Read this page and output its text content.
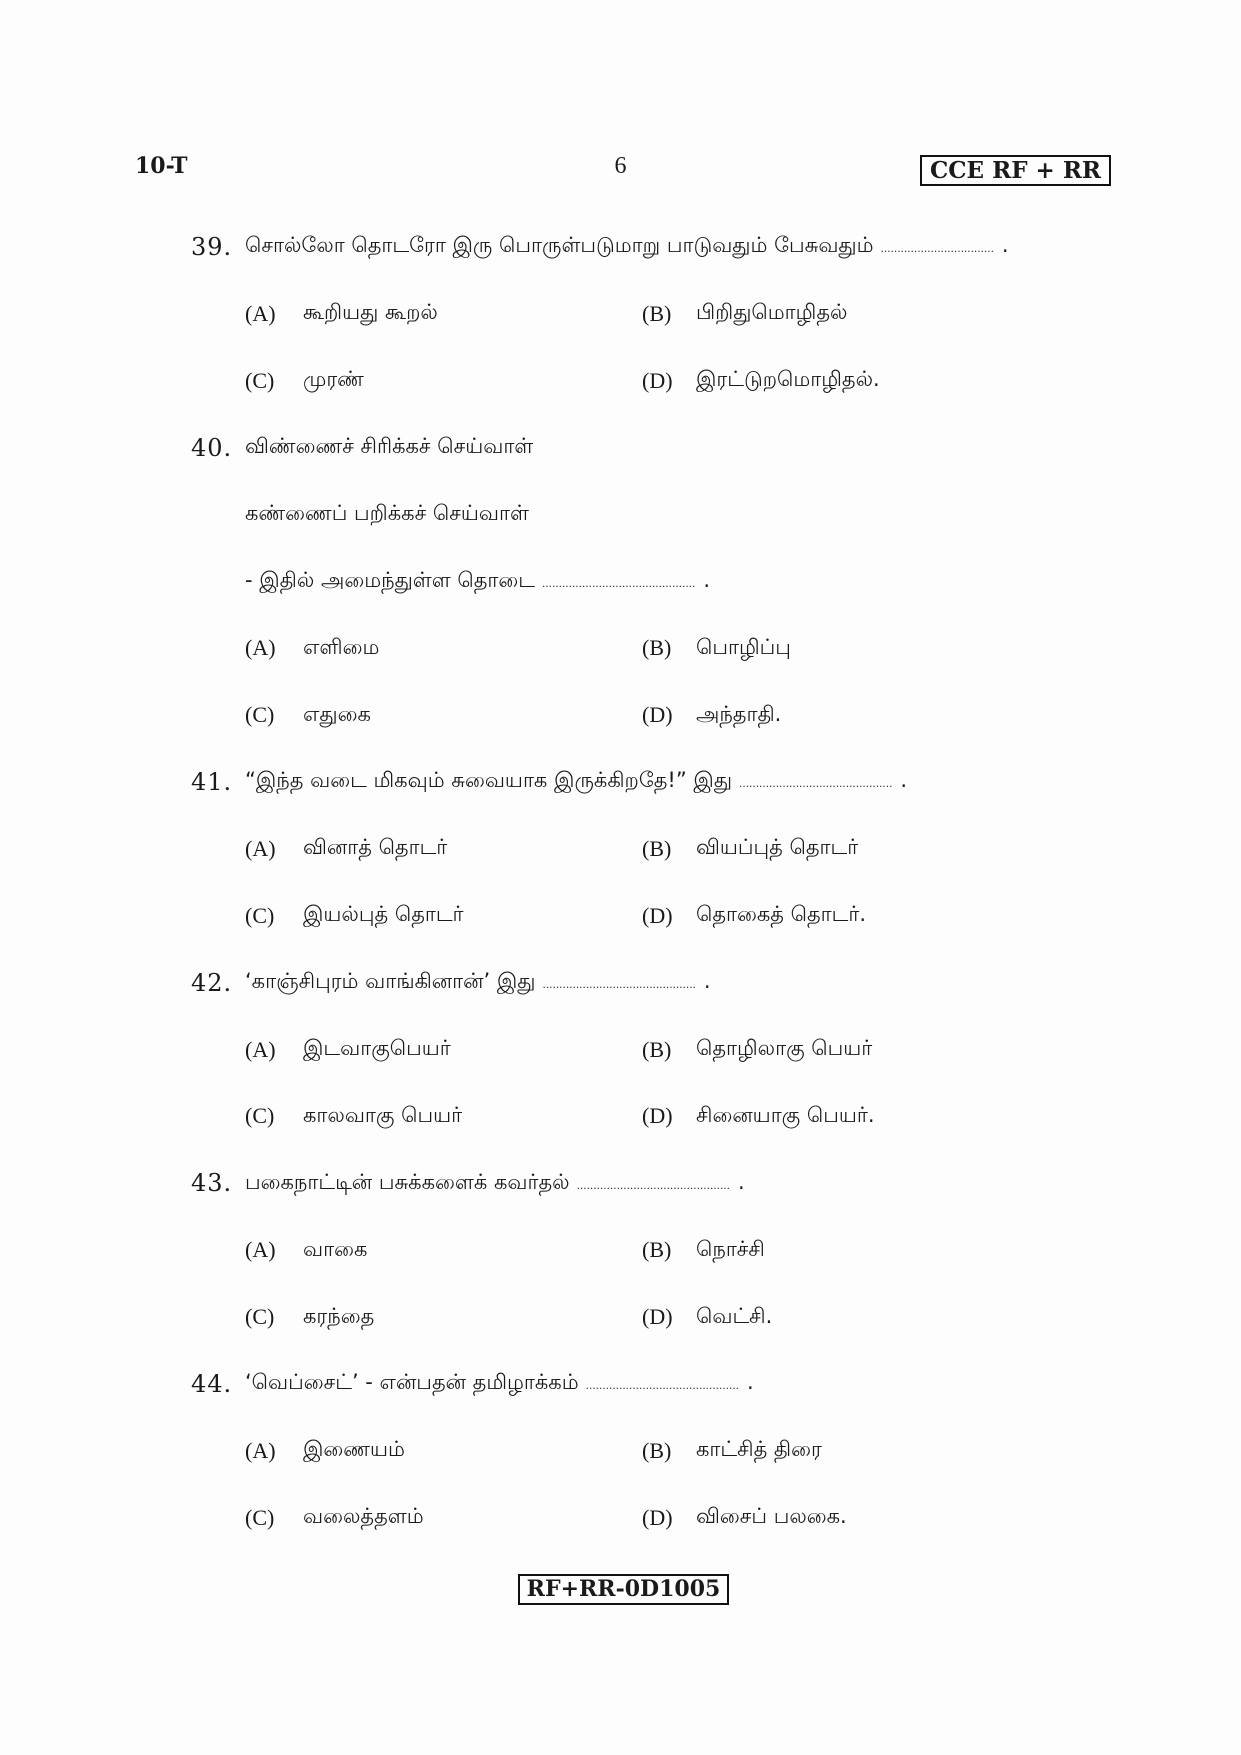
10-T	6	CCE RF + RR
39. சொல்லோ தொடரோ இரு பொருள்படுமாறு பாடுவதும் பேசுவதும் .................................. .
(A) கூறியது கூறல்	(B) பிறிதுமொழிதல்
(C) முரண்	(D) இரட்டுறமொழிதல்.
40. விண்ணைச் சிரிக்கச் செய்வாள்
கண்ணைப் பறிக்கச் செய்வாள்
- இதில் அமைந்துள்ள தொடை .............................................. .
(A) எளிமை	(B) பொழிப்பு
(C) எதுகை	(D) அந்தாதி.
41. “இந்த வடை மிகவும் சுவையாக இருக்கிறதே!” இது .............................................. .
(A) வினாத் தொடர்	(B) வியப்புத் தொடர்
(C) இயல்புத் தொடர்	(D) தொகைத் தொடர்.
42. ‘காஞ்சிபுரம் வாங்கினான்’ இது .............................................. .
(A) இடவாகுபெயர்	(B) தொழிலாகு பெயர்
(C) காலவாகு பெயர்	(D) சினையாகு பெயர்.
43. பகைநாட்டின் பசுக்களைக் கவர்தல் .............................................. .
(A) வாகை	(B) நொச்சி
(C) கரந்தை	(D) வெட்சி.
44. ‘வெப்சைட்’ - என்பதன் தமிழாக்கம் .............................................. .
(A) இணையம்	(B) காட்சித் திரை
(C) வலைத்தளம்	(D) விசைப் பலகை.
RF+RR-0D1005
